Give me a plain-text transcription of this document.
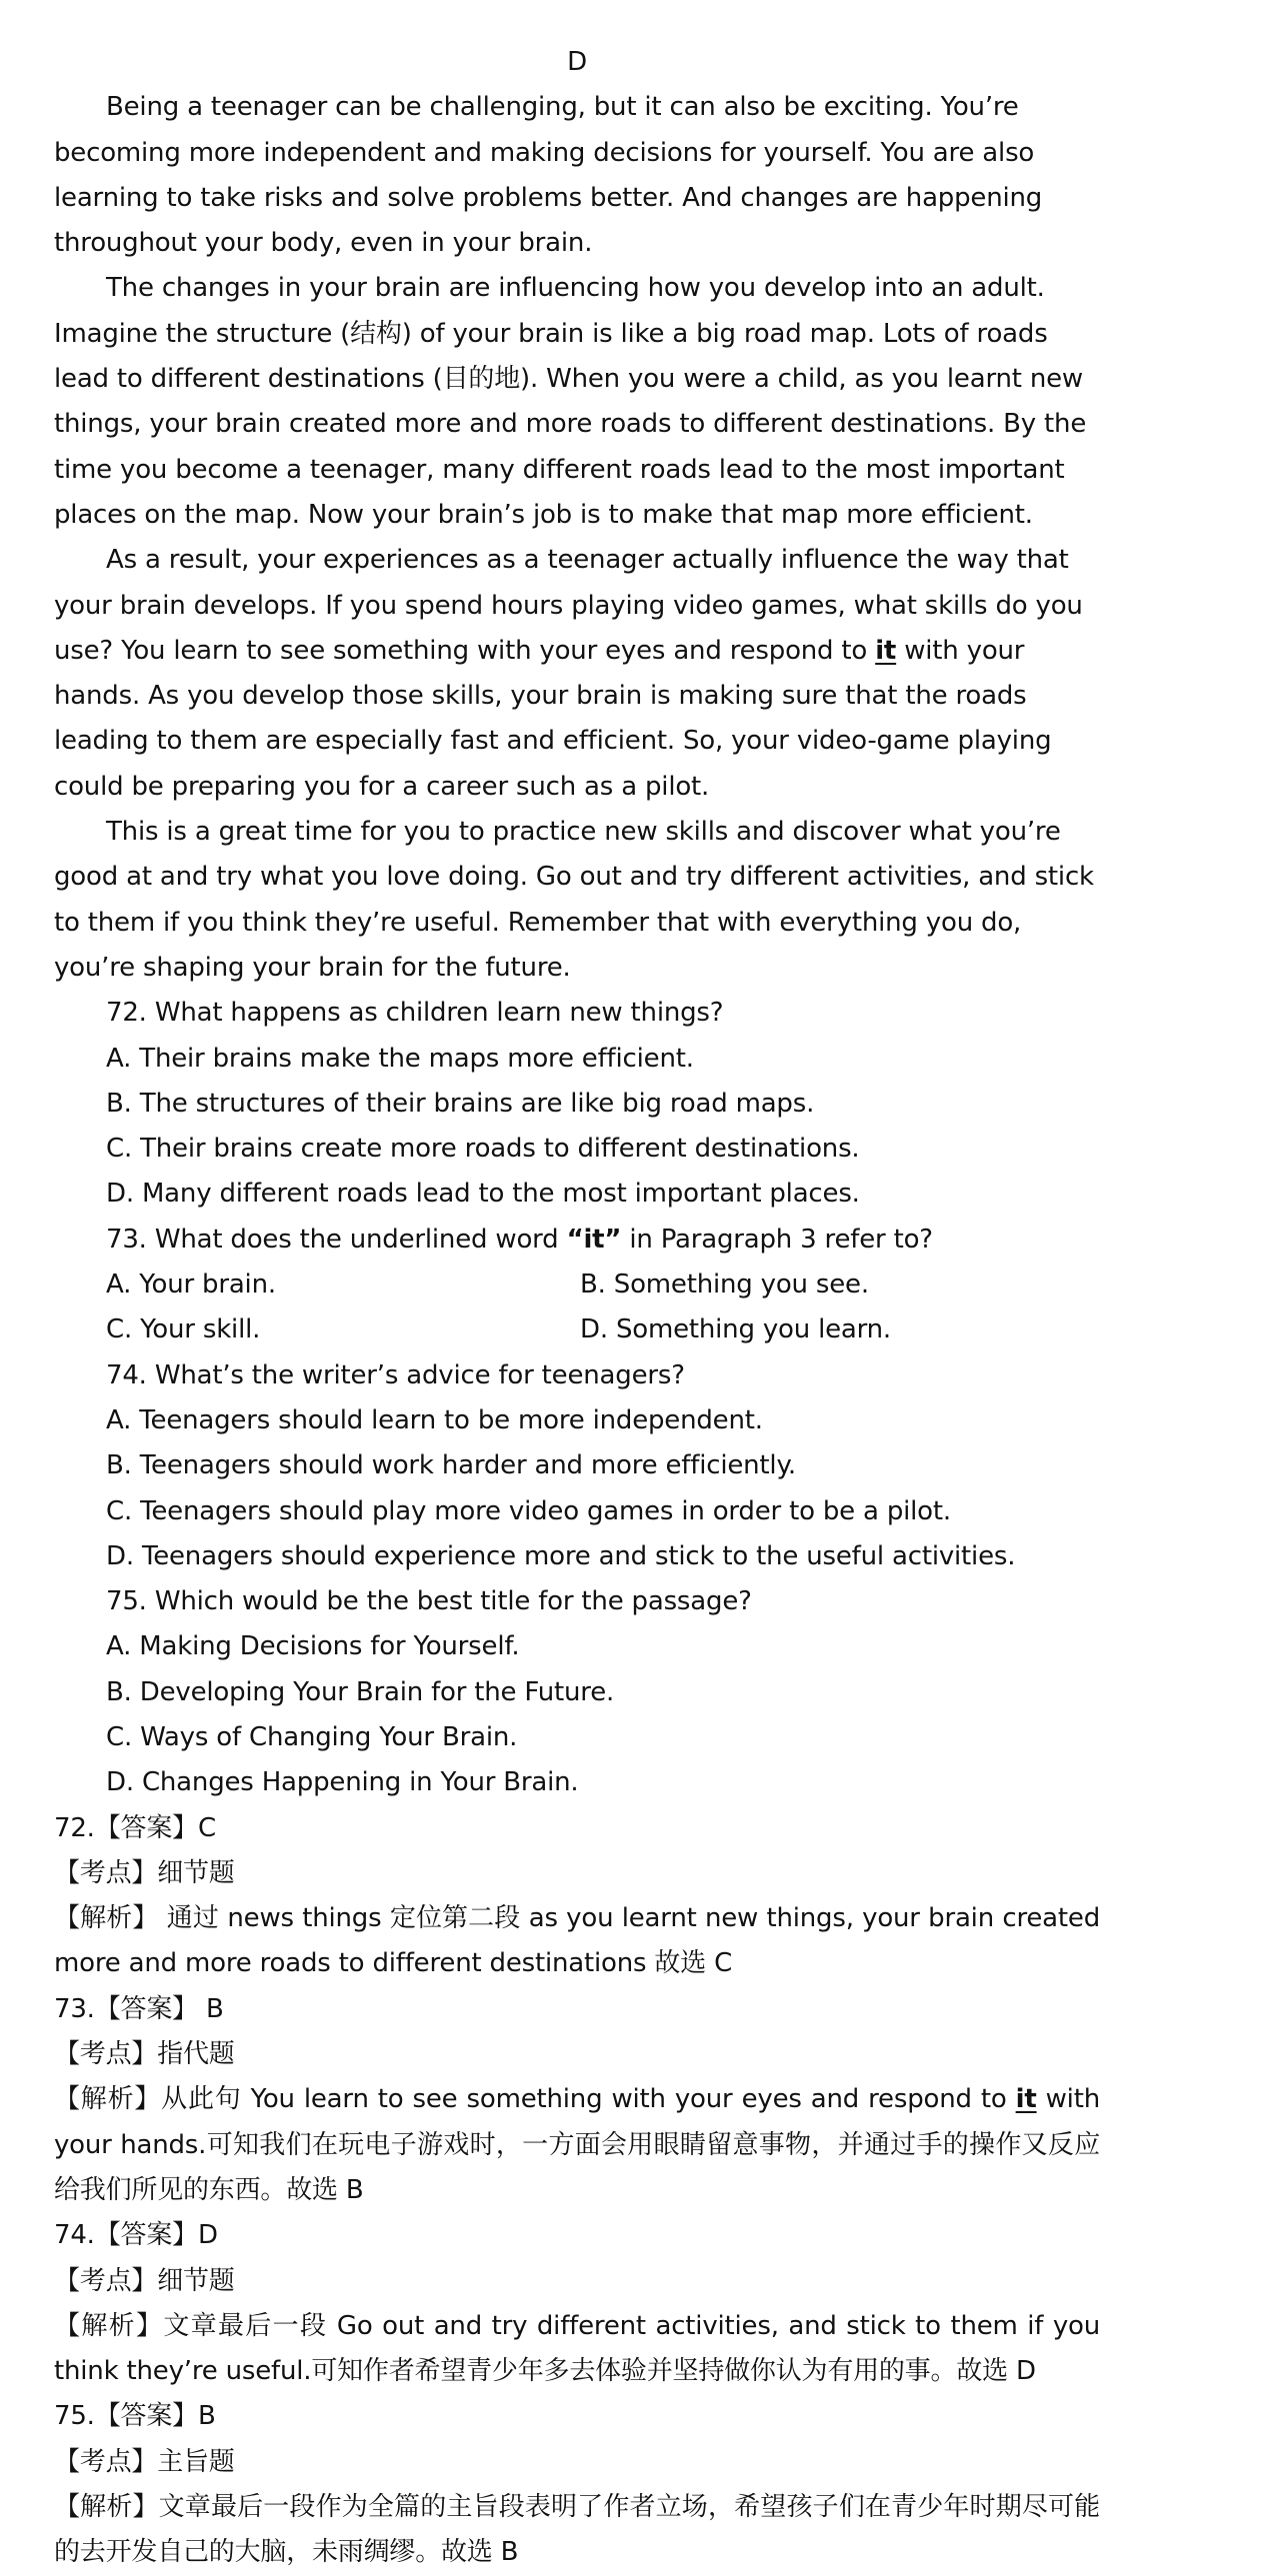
D

Being a teenager can be challenging, but it can also be exciting. You’re becoming more independent and making decisions for yourself. You are also learning to take risks and solve problems better. And changes are happening throughout your body, even in your brain.

The changes in your brain are influencing how you develop into an adult. Imagine the structure (结构) of your brain is like a big road map. Lots of roads lead to different destinations (目的地). When you were a child, as you learnt new things, your brain created more and more roads to different destinations. By the time you become a teenager, many different roads lead to the most important places on the map. Now your brain’s job is to make that map more efficient.

As a result, your experiences as a teenager actually influence the way that your brain develops. If you spend hours playing video games, what skills do you use? You learn to see something with your eyes and respond to it with your hands. As you develop those skills, your brain is making sure that the roads leading to them are especially fast and efficient. So, your video-game playing could be preparing you for a career such as a pilot.

This is a great time for you to practice new skills and discover what you’re good at and try what you love doing. Go out and try different activities, and stick to them if you think they’re useful. Remember that with everything you do, you’re shaping your brain for the future.

72. What happens as children learn new things?

A. Their brains make the maps more efficient.

B. The structures of their brains are like big road maps.

C. Their brains create more roads to different destinations.

D. Many different roads lead to the most important places.

73. What does the underlined word “it” in Paragraph 3 refer to?

A. Your brain.	B. Something you see.
C. Your skill.	D. Something you learn.

74. What’s the writer’s advice for teenagers?

A. Teenagers should learn to be more independent.

B. Teenagers should work harder and more efficiently.

C. Teenagers should play more video games in order to be a pilot.

D. Teenagers should experience more and stick to the useful activities.

75. Which would be the best title for the passage?

A. Making Decisions for Yourself.

B. Developing Your Brain for the Future.

C. Ways of Changing Your Brain.

D. Changes Happening in Your Brain.

72.【答案】C

【考点】细节题

【解析】 通过 news things 定位第二段 as you learnt new things, your brain created more and more roads to different destinations 故选 C

73.【答案】 B

【考点】指代题

【解析】从此句 You learn to see something with your eyes and respond to it with your hands.可知我们在玩电子游戏时，一方面会用眼睛留意事物，并通过手的操作又反应给我们所见的东西。故选 B

74.【答案】D

【考点】细节题

【解析】文章最后一段 Go out and try different activities, and stick to them if you think they’re useful.可知作者希望青少年多去体验并坚持做你认为有用的事。故选 D

75.【答案】B

【考点】主旨题

【解析】文章最后一段作为全篇的主旨段表明了作者立场，希望孩子们在青少年时期尽可能的去开发自己的大脑，未雨绸缪。故选 B
